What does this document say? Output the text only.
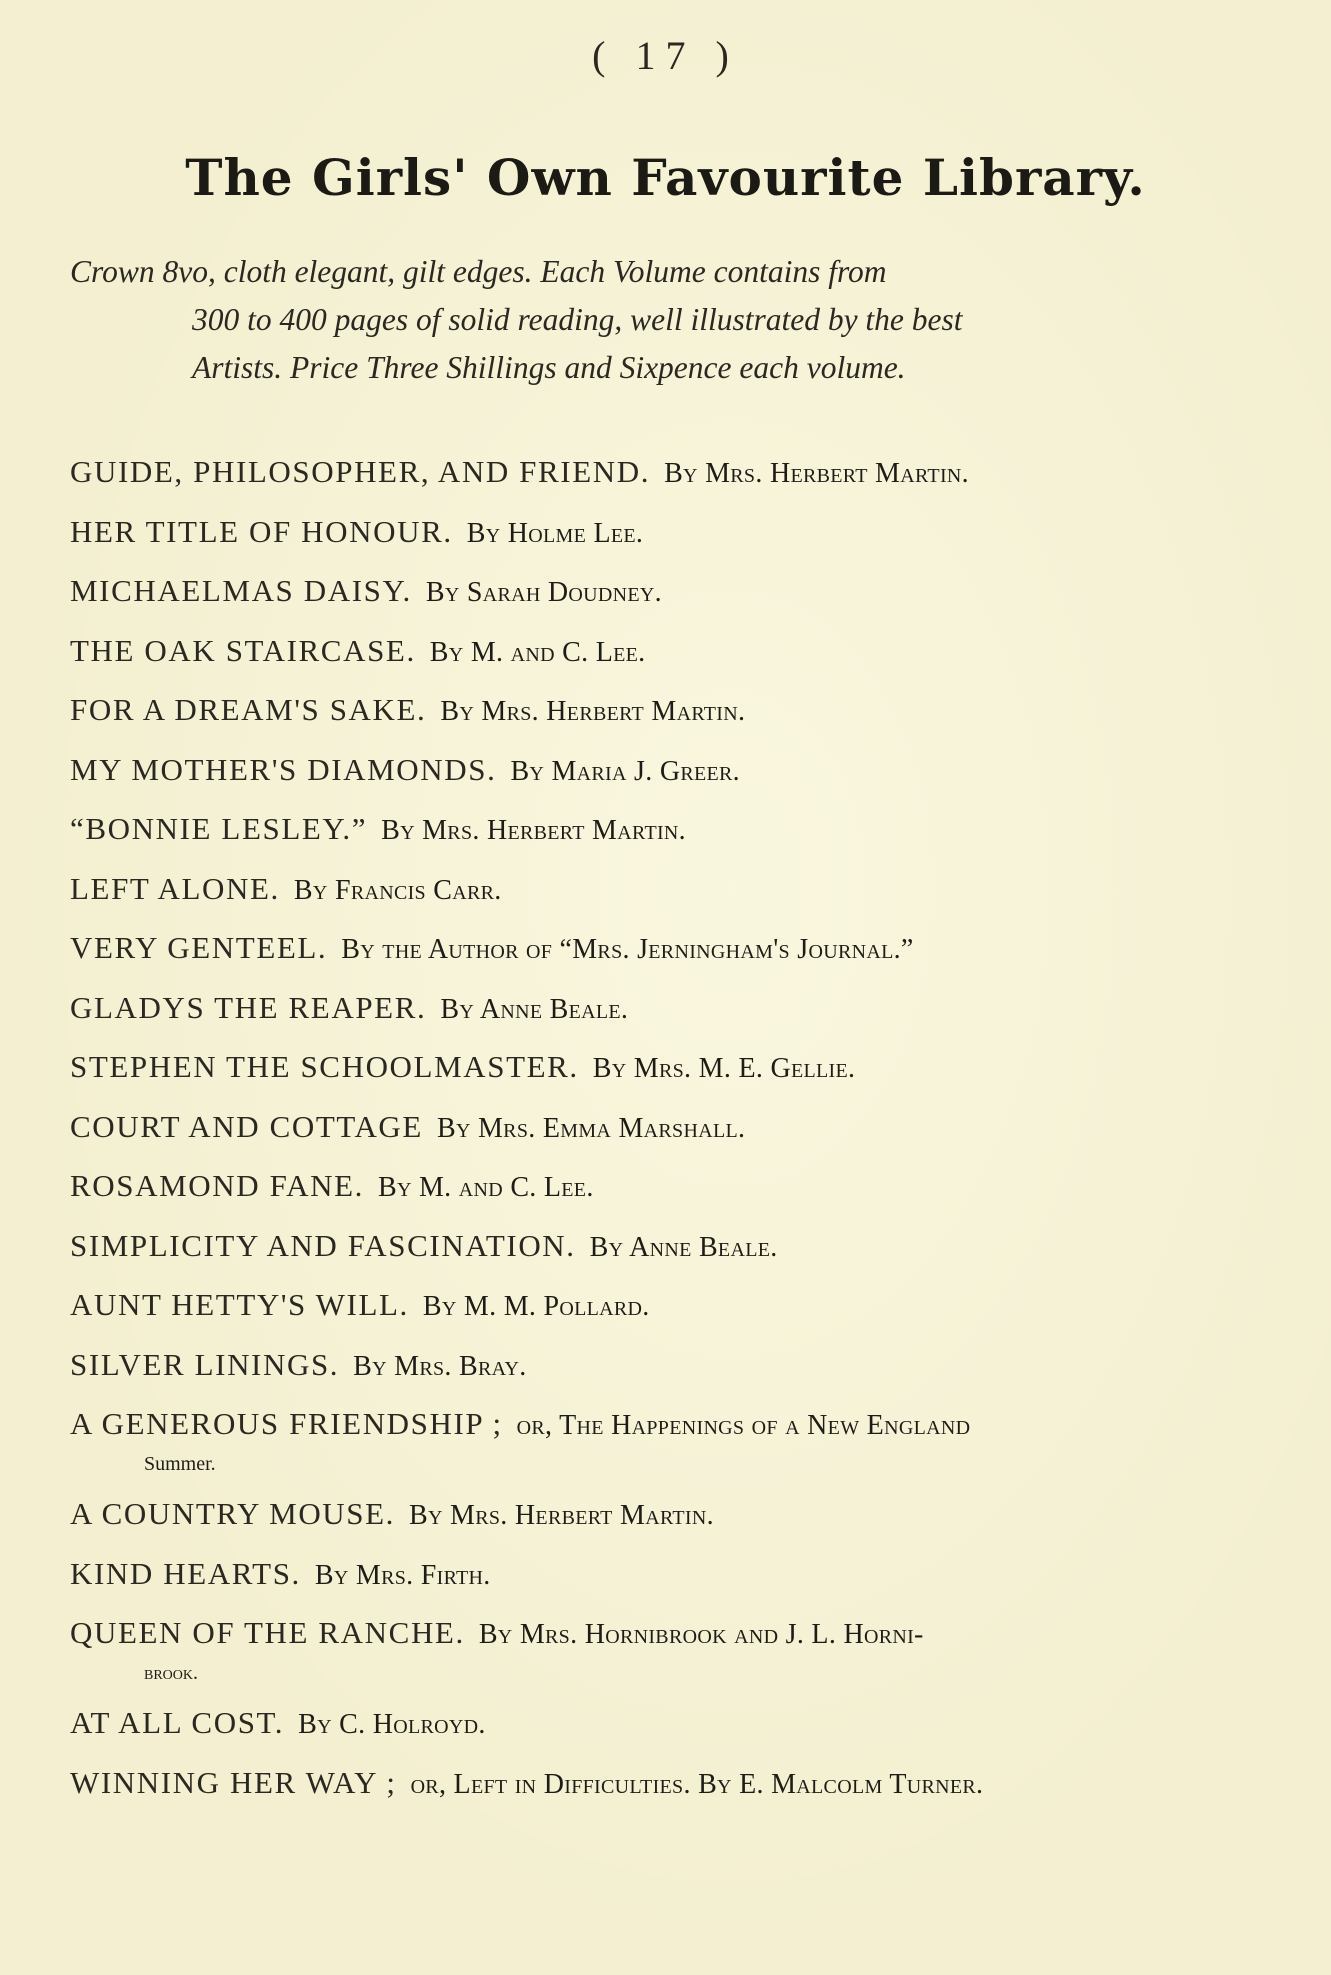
( 17 )
The Girls' Own Favourite Library.
Crown 8vo, cloth elegant, gilt edges. Each Volume contains from
300 to 400 pages of solid reading, well illustrated by the best
Artists. Price Three Shillings and Sixpence each volume.
GUIDE, PHILOSOPHER, AND FRIEND. By Mrs. Herbert Martin.
HER TITLE OF HONOUR. By Holme Lee.
MICHAELMAS DAISY. By Sarah Doudney.
THE OAK STAIRCASE. By M. and C. Lee.
FOR A DREAM'S SAKE. By Mrs. Herbert Martin.
MY MOTHER'S DIAMONDS. By Maria J. Greer.
“BONNIE LESLEY.” By Mrs. Herbert Martin.
LEFT ALONE. By Francis Carr.
VERY GENTEEL. By the Author of “Mrs. Jerningham's Journal.”
GLADYS THE REAPER. By Anne Beale.
STEPHEN THE SCHOOLMASTER. By Mrs. M. E. Gellie.
COURT AND COTTAGE By Mrs. Emma Marshall.
ROSAMOND FANE. By M. and C. Lee.
SIMPLICITY AND FASCINATION. By Anne Beale.
AUNT HETTY'S WILL. By M. M. Pollard.
SILVER LININGS. By Mrs. Bray.
A GENEROUS FRIENDSHIP ; or, The Happenings of a New England
Summer.
A COUNTRY MOUSE. By Mrs. Herbert Martin.
KIND HEARTS. By Mrs. Firth.
QUEEN OF THE RANCHE. By Mrs. Hornibrook and J. L. Horni-
brook.
AT ALL COST. By C. Holroyd.
WINNING HER WAY ; or, Left in Difficulties. By E. Malcolm Turner.
